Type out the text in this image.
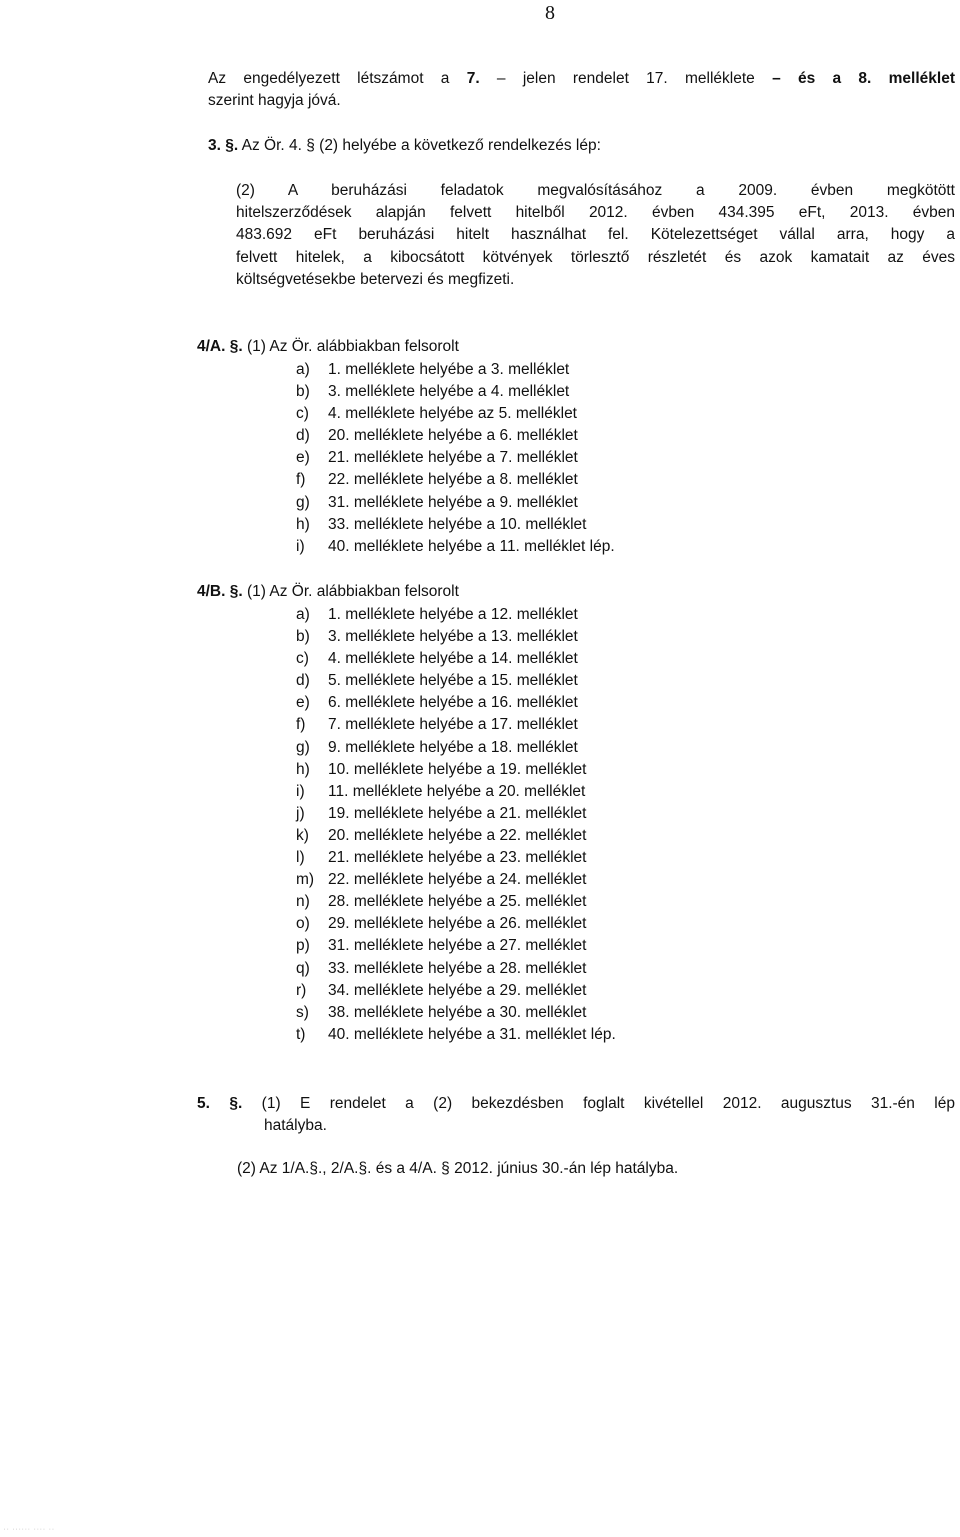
8
Az engedélyezett létszámot a 7. – jelen rendelet 17. melléklete – és a 8. melléklet
szerint hagyja jóvá.
3. §. Az Ör. 4. § (2) helyébe a következő rendelkezés lép:
(2) A beruházási feladatok megvalósításához a 2009. évben megkötött
hitelszerződések alapján felvett hitelből 2012. évben 434.395 eFt, 2013. évben
483.692 eFt beruházási hitelt használhat fel. Kötelezettséget vállal arra, hogy a
felvett hitelek, a kibocsátott kötvények törlesztő részletét és azok kamatait az éves
költségvetésekbe betervezi és megfizeti.
4/A. §. (1) Az Ör. alábbiakban felsorolt
a) 1. melléklete helyébe a 3. melléklet
b) 3. melléklete helyébe a 4. melléklet
c) 4. melléklete helyébe az 5. melléklet
d) 20. melléklete helyébe a 6. melléklet
e) 21. melléklete helyébe a 7. melléklet
f) 22. melléklete helyébe a 8. melléklet
g) 31. melléklete helyébe a 9. melléklet
h) 33. melléklete helyébe a 10. melléklet
i) 40. melléklete helyébe a 11. melléklet lép.
4/B. §. (1) Az Ör. alábbiakban felsorolt
a) 1. melléklete helyébe a 12. melléklet
b) 3. melléklete helyébe a 13. melléklet
c) 4. melléklete helyébe a 14. melléklet
d) 5. melléklete helyébe a 15. melléklet
e) 6. melléklete helyébe a 16. melléklet
f) 7. melléklete helyébe a 17. melléklet
g) 9. melléklete helyébe a 18. melléklet
h) 10. melléklete helyébe a 19. melléklet
i) 11. melléklete helyébe a 20. melléklet
j) 19. melléklete helyébe a 21. melléklet
k) 20. melléklete helyébe a 22. melléklet
l) 21. melléklete helyébe a 23. melléklet
m) 22. melléklete helyébe a 24. melléklet
n) 28. melléklete helyébe a 25. melléklet
o) 29. melléklete helyébe a 26. melléklet
p) 31. melléklete helyébe a 27. melléklet
q) 33. melléklete helyébe a 28. melléklet
r) 34. melléklete helyébe a 29. melléklet
s) 38. melléklete helyébe a 30. melléklet
t) 40. melléklete helyébe a 31. melléklet lép.
5. §. (1) E rendelet a (2) bekezdésben foglalt kivétellel 2012. augusztus 31.-én lép
hatályba.
(2) Az 1/A.§., 2/A.§. és a 4/A. § 2012. június 30.-án lép hatályba.
▪▪ ▪▪▪▪▪▪ ▪▪▪▪ ▪▪
